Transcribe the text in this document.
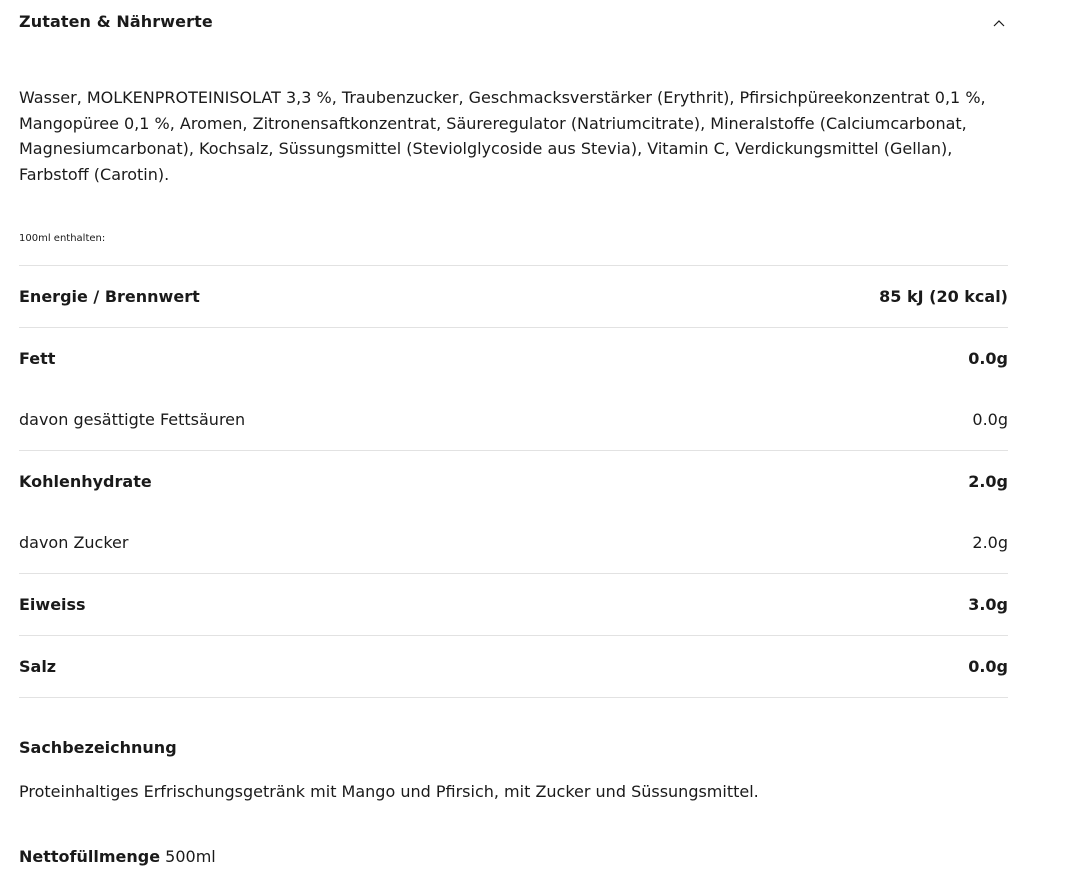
Zutaten & Nährwerte
Wasser, MOLKENPROTEINISOLAT 3,3 %, Traubenzucker, Geschmacksverstärker (Erythrit), Pfirsichpüreekonzentrat 0,1 %, Mangopüree 0,1 %, Aromen, Zitronensaftkonzentrat, Säureregulator (Natriumcitrate), Mineralstoffe (Calciumcarbonat, Magnesiumcarbonat), Kochsalz, Süssungsmittel (Steviolglycoside aus Stevia), Vitamin C, Verdickungsmittel (Gellan), Farbstoff (Carotin).
100ml enthalten:
Energie / Brennwert	85 kJ (20 kcal)
Fett	0.0g
davon gesättigte Fettsäuren	0.0g
Kohlenhydrate	2.0g
davon Zucker	2.0g
Eiweiss	3.0g
Salz	0.0g
Sachbezeichnung
Proteinhaltiges Erfrischungsgetränk mit Mango und Pfirsich, mit Zucker und Süssungsmittel.
Nettofüllmenge 500ml
